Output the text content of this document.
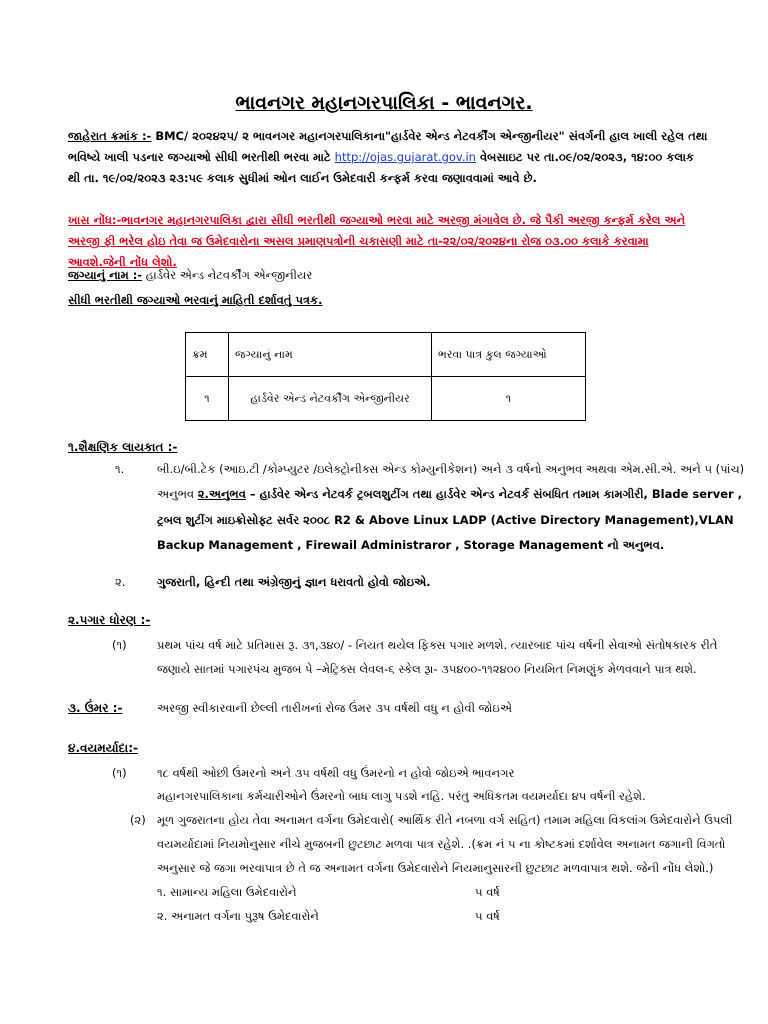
ભાવનગર મહાનગરપાલિકા - ભાવનગર.
જાહેરાત ક્રમાંક :- BMC/ ૨૦૨૪૨૫/ ૨ ભાવનગર મહાનગરપાલિકાના"હાર્ડવેર એન્ડ નેટવર્કીંગ એન્જીનીયર" સંવર્ગની હાલ ખાલી રહેલ તથા ભવિષ્યે ખાલી પડનાર જગ્યાઓ સીધી ભરતીથી ભરવા માટે http://ojas.gujarat.gov.in વેબસાઇટ પર તા.૦૯/૦૨/૨૦૨૩, ૧૪:૦૦ કલાક થી તા. ૧૯/૦૨/૨૦૨૩ ૨૩:૫૯ કલાક સુધીમાં ઓન લાઈન ઉમેદવારી કન્ફર્મ કરવા જણાવવામાં આવે છે.
ખાસ નોંધ:-ભાવનગર મહાનગરપાલિકા દ્વારા સીધી ભરતીથી જગ્યાઓ ભરવા માટે અરજી મંગાવેલ છે. જે પૈકી અરજી કન્ફર્મ કરેલ અને અરજી ફી ભરેલ હોઇ તેવા જ ઉમેદવારોના અસલ પ્રમાણપત્રોની ચકાસણી માટે તા-૨૨/૦૨/૨૦૨૪ના રોજ ૦૩.૦૦ કલાકે કરવામા આવશે.જેની નોંધ લેશો.
જગ્યાનું નામ :- હાર્ડવેર એન્ડ નેટવર્કીંગ એન્જીનીયર
સીધી ભરતીથી જગ્યાઓ ભરવાનું માહિતી દર્શાવતું પત્રક.
ક્રમ	જગ્યાનું નામ	ભરવા પાત્ર કુલ જગ્યાઓ
૧	હાર્ડવેર એન્ડ નેટવર્કીંગ એન્જીનીયર	૧
૧.શૈક્ષણિક લાયકાત :-
૧.	બી.ઇ/બી.ટેક (આઇ.ટી /કોમ્પ્યુટર /ઇલેક્ટ્રોનીક્સ એન્ડ કોમ્યુનીકેશન) અને ૩ વર્ષનો અનુભવ અથવા એમ.સી.એ. અને ૫ (પાંચ)
અનુભવ ૨.અનુભવ – હાર્ડવેર એન્ડ નેટવર્ક ટ્રબલશુટીંગ તથા હાર્ડવેર એન્ડ નેટવર્ક સંબધિત તમામ કામગીરી, Blade server ,
ટ્રબલ શુટીંગ માઇક્રોસોફ્ટ સર્વર ૨૦૦૮ R2 & Above Linux LADP (Active Directory Management),VLAN
Backup Management , Firewail Administraror , Storage Management નો અનુભવ.
૨.	ગુજરાતી, હિન્દી તથા અંગ્રેજીનું જ્ઞાન ધરાવતો હોવો જોઇએ.
૨.પગાર ધોરણ :-
(૧)	પ્રથમ પાંચ વર્ષ માટે પ્રતિમાસ રૂ. ૩૧,૩૪૦/ - નિયત થયેલ ફિક્સ પગાર મળશે. ત્યારબાદ પાંચ વર્ષની સેવાઓ સંતોષકારક રીતે
જણાયે સાતમાં પગારપંચ મુજબ પે –મેટ્રિક્સ લેવલ-૬ સ્કેલ રૂા- ૩૫૪૦૦-૧૧૨૪૦૦ નિયમિત નિમણુંક મેળવવાને પાત્ર થશે.
૩. ઉંમર :-	અરજી સ્વીકારવાની છેલ્લી તારીખનાં રોજ ઉંમર ૩૫ વર્ષથી વધુ ન હોવી જોઇએ
૪.વયમર્યાદા:-
(૧)	૧૮ વર્ષથી ઓછી ઉંમરનો અને ૩૫ વર્ષથી વધુ ઉંમરનો ન હોવો જોઇએ ભાવનગર
મહાનગરપાલિકાના કર્મચારીઓને ઉંમરનો બાધ લાગુ પડશે નહિ. પરંતુ અધિકતમ વયમર્યાદા ૪૫ વર્ષની રહેશે.
(૨) મૂળ ગુજરાતના હોય તેવા અનામત વર્ગના ઉમેદવારો( આર્થિક રીતે નબળા વર્ગ સહિત) તમામ મહિલા વિકલાંગ ઉમેદવારોને ઉપલી
વયમર્યાદામાં નિયમોનુસાર નીચે મુજબની છુટછાટ મળવા પાત્ર રહેશે. .(ક્રમ નં ૫ ના કોષ્ટકમાં દર્શાવેલ અનામત જગાની વિગતો
અનુસાર જે જગા ભરવાપાત્ર છે તે જ અનામત વર્ગના ઉમેદવારોને નિયમાનુસારની છુટછાટ મળવાપાત્ર થશે. જેની નોંધ લેશો.)
૧. સામાન્ય મહિલા ઉમેદવારોને	૫ વર્ષ
૨. અનામત વર્ગના પુરૂષ ઉમેદવારોને	૫ વર્ષ
